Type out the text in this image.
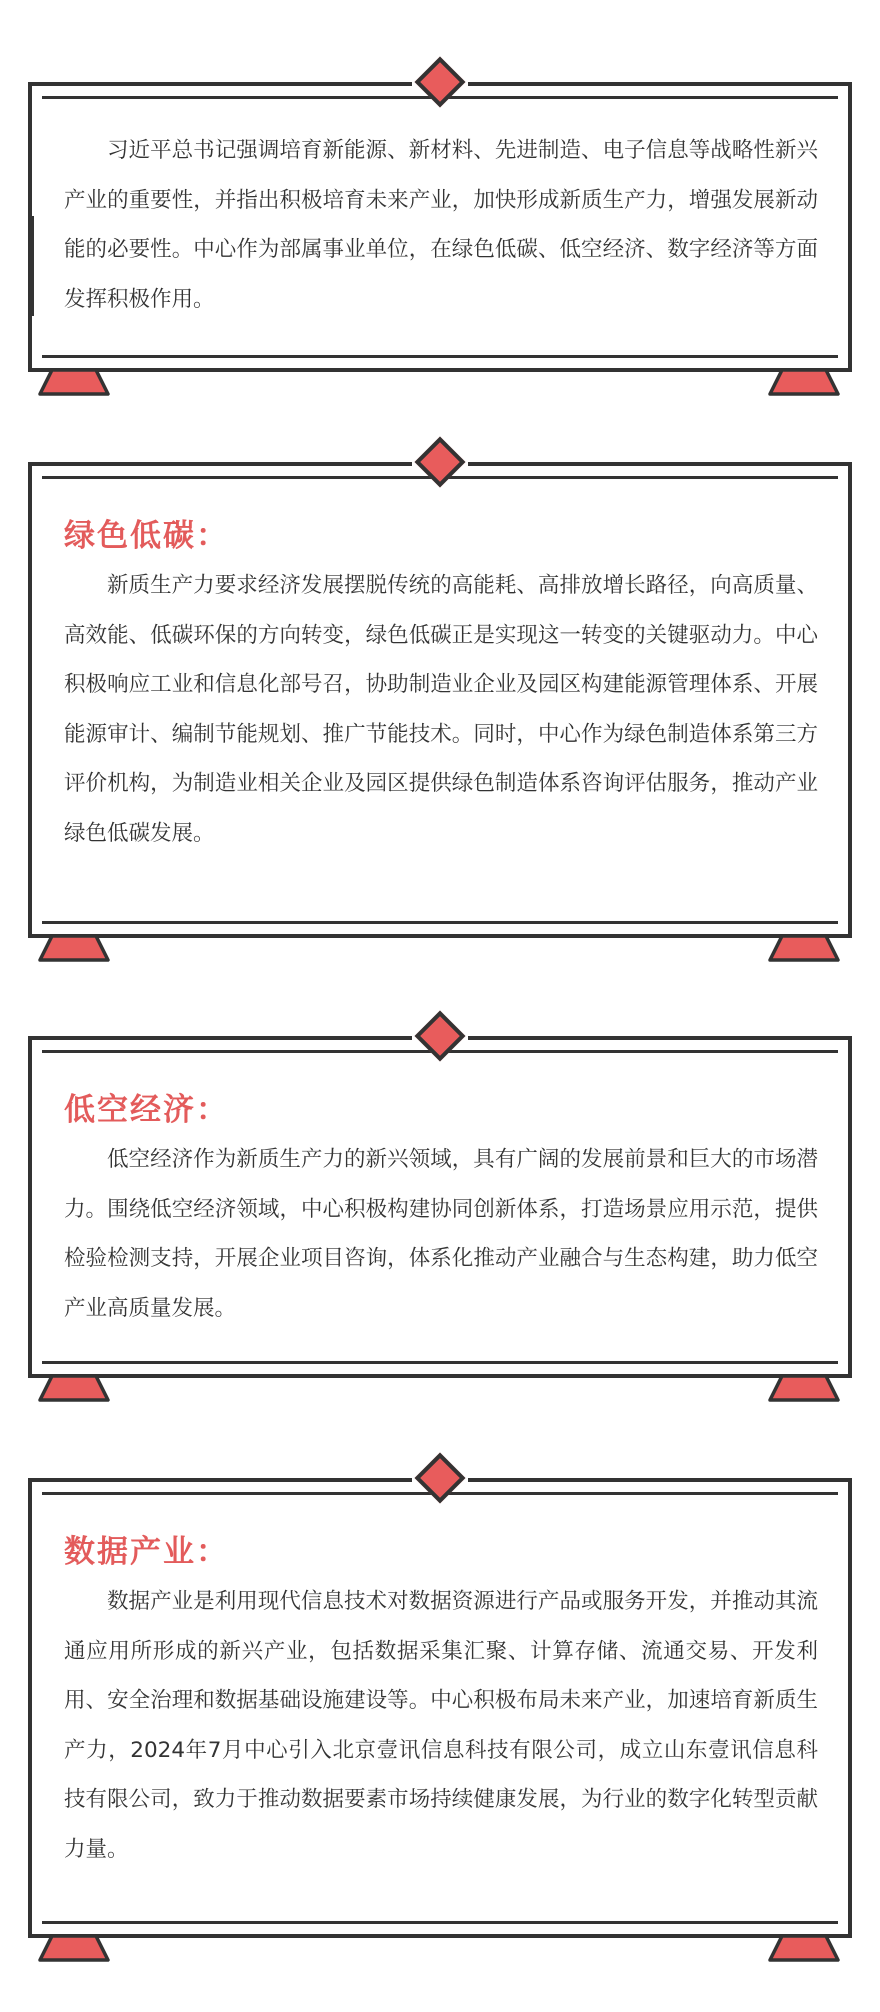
习近平总书记强调培育新能源、新材料、先进制造、电子信息等战略性新兴产业的重要性，并指出积极培育未来产业，加快形成新质生产力，增强发展新动能的必要性。中心作为部属事业单位，在绿色低碳、低空经济、数字经济等方面发挥积极作用。

绿色低碳：

新质生产力要求经济发展摆脱传统的高能耗、高排放增长路径，向高质量、高效能、低碳环保的方向转变，绿色低碳正是实现这一转变的关键驱动力。中心积极响应工业和信息化部号召，协助制造业企业及园区构建能源管理体系、开展能源审计、编制节能规划、推广节能技术。同时，中心作为绿色制造体系第三方评价机构，为制造业相关企业及园区提供绿色制造体系咨询评估服务，推动产业绿色低碳发展。

低空经济：

低空经济作为新质生产力的新兴领域，具有广阔的发展前景和巨大的市场潜力。围绕低空经济领域，中心积极构建协同创新体系，打造场景应用示范，提供检验检测支持，开展企业项目咨询，体系化推动产业融合与生态构建，助力低空产业高质量发展。

数据产业：

数据产业是利用现代信息技术对数据资源进行产品或服务开发，并推动其流通应用所形成的新兴产业，包括数据采集汇聚、计算存储、流通交易、开发利用、安全治理和数据基础设施建设等。中心积极布局未来产业，加速培育新质生产力，2024年7月中心引入北京壹讯信息科技有限公司，成立山东壹讯信息科技有限公司，致力于推动数据要素市场持续健康发展，为行业的数字化转型贡献力量。
